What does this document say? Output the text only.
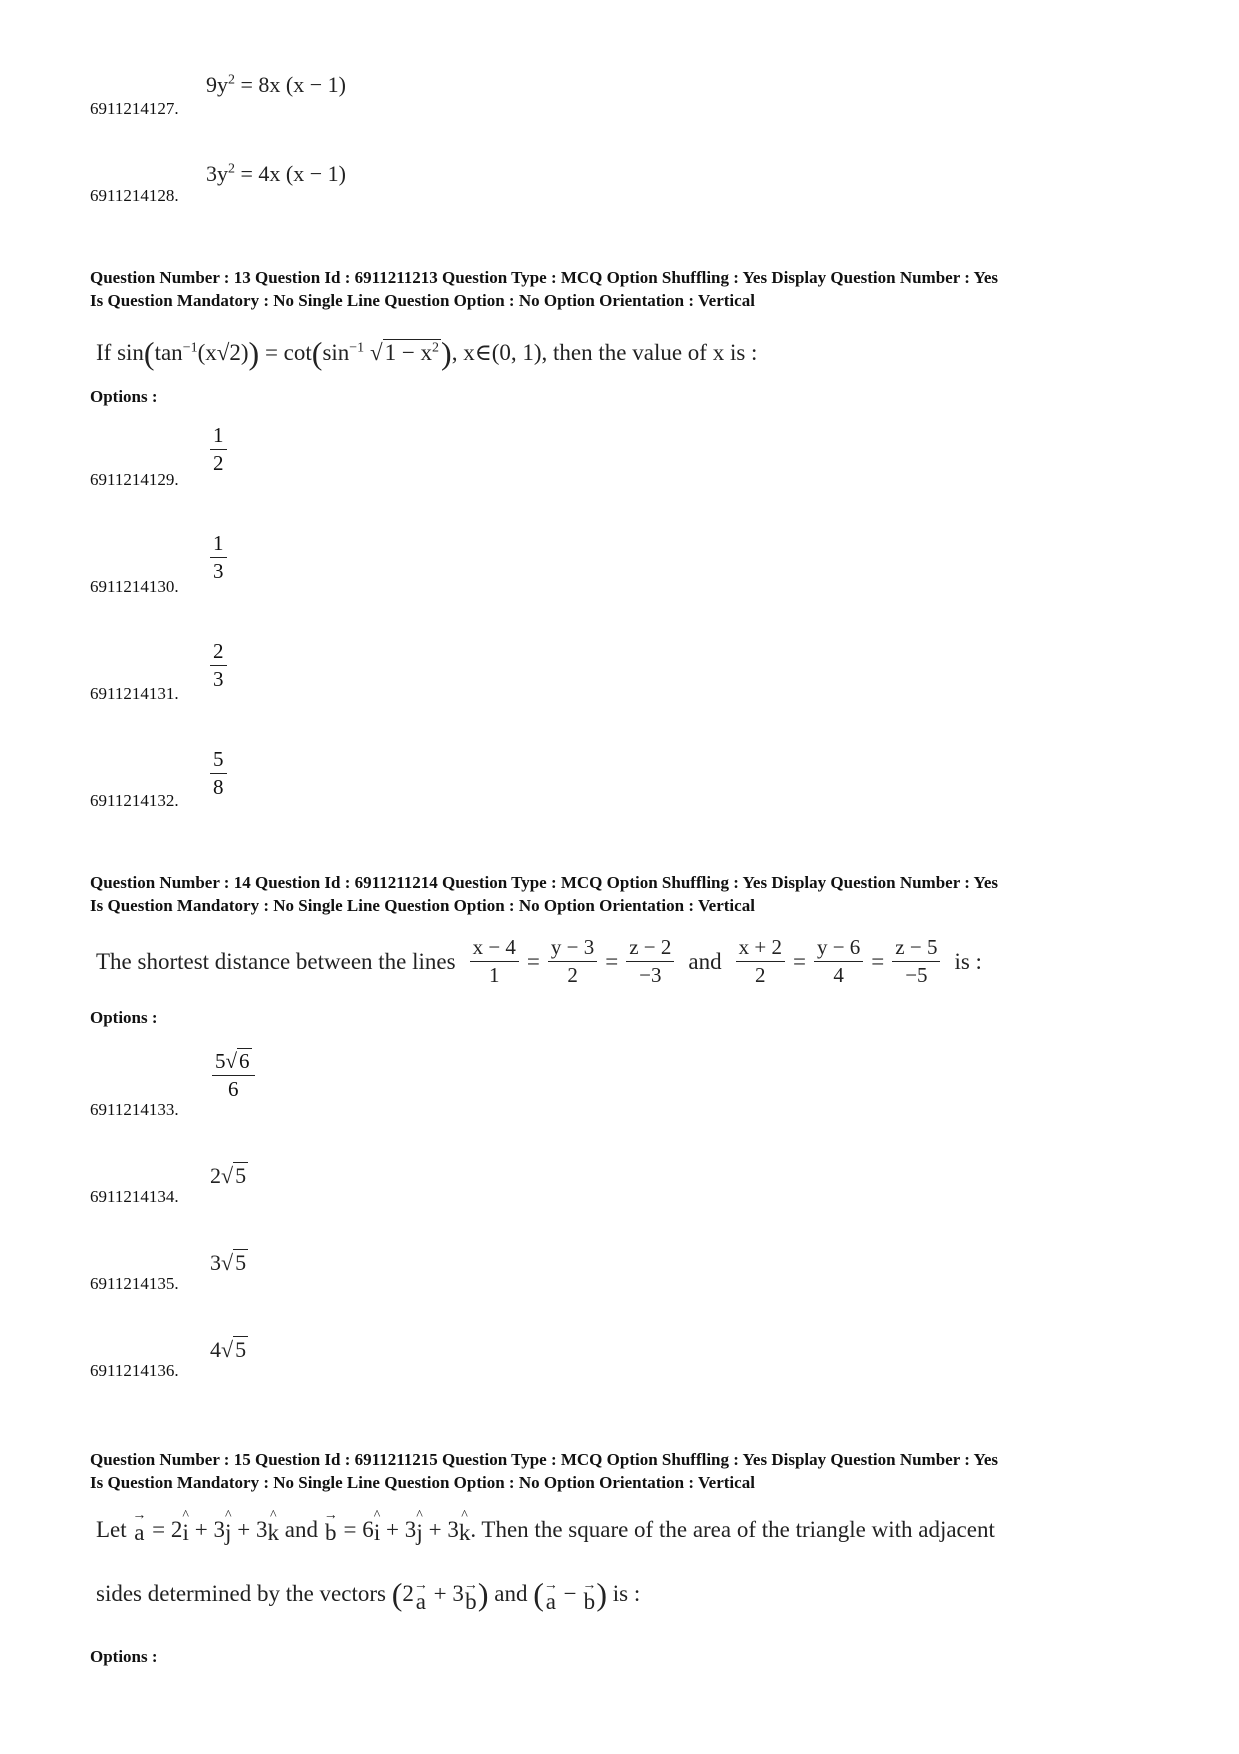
6911214127.
$9y^2 = 8x$ (x − 1)
6911214128.
$3y^2 = 4x$ (x − 1)
Question Number : 13 Question Id : 6911211213 Question Type : MCQ Option Shuffling : Yes Display Question Number : Yes
Is Question Mandatory : No Single Line Question Option : No Option Orientation : Vertical
If $\sin(\tan^{-1}(x√2)) = \cot(\sin^{-1}$ $√1 - x^2$), x∈(0, 1), then the value of x is :
Options :
6911214129.
$\frac{1}{2}$
6911214130.
$\frac{1}{3}$
6911214131.
$\frac{2}{3}$
6911214132.
$\frac{5}{8}$
Question Number : 14 Question Id : 6911211214 Question Type : MCQ Option Shuffling : Yes Display Question Number : Yes
Is Question Mandatory : No Single Line Question Option : No Option Orientation : Vertical
The shortest distance between the lines $\frac{x - 4}{1} = \frac{y - 3}{2} = \frac{z - 2}{-3}$ and $\frac{x + 2}{2} = \frac{y - 6}{4} = \frac{z - 5}{-5}$ is :
Options :
6911214133.
$\frac{5√6}{6}$
6911214134.
2√5
6911214135.
3√5
6911214136.
4√5
Question Number : 15 Question Id : 6911211215 Question Type : MCQ Option Shuffling : Yes Display Question Number : Yes
Is Question Mandatory : No Single Line Question Option : No Option Orientation : Vertical
Let
→
a = 2
^
i + 3
^
j + 3
^
k and
→
b = 6
^
i + 3
^
j + 3
^
k . Then the square of the area of the triangle with adjacent
sides determined by the vectors (2 →
a + 3 →
b ) and ( →
a − →
b ) is :
Options :
